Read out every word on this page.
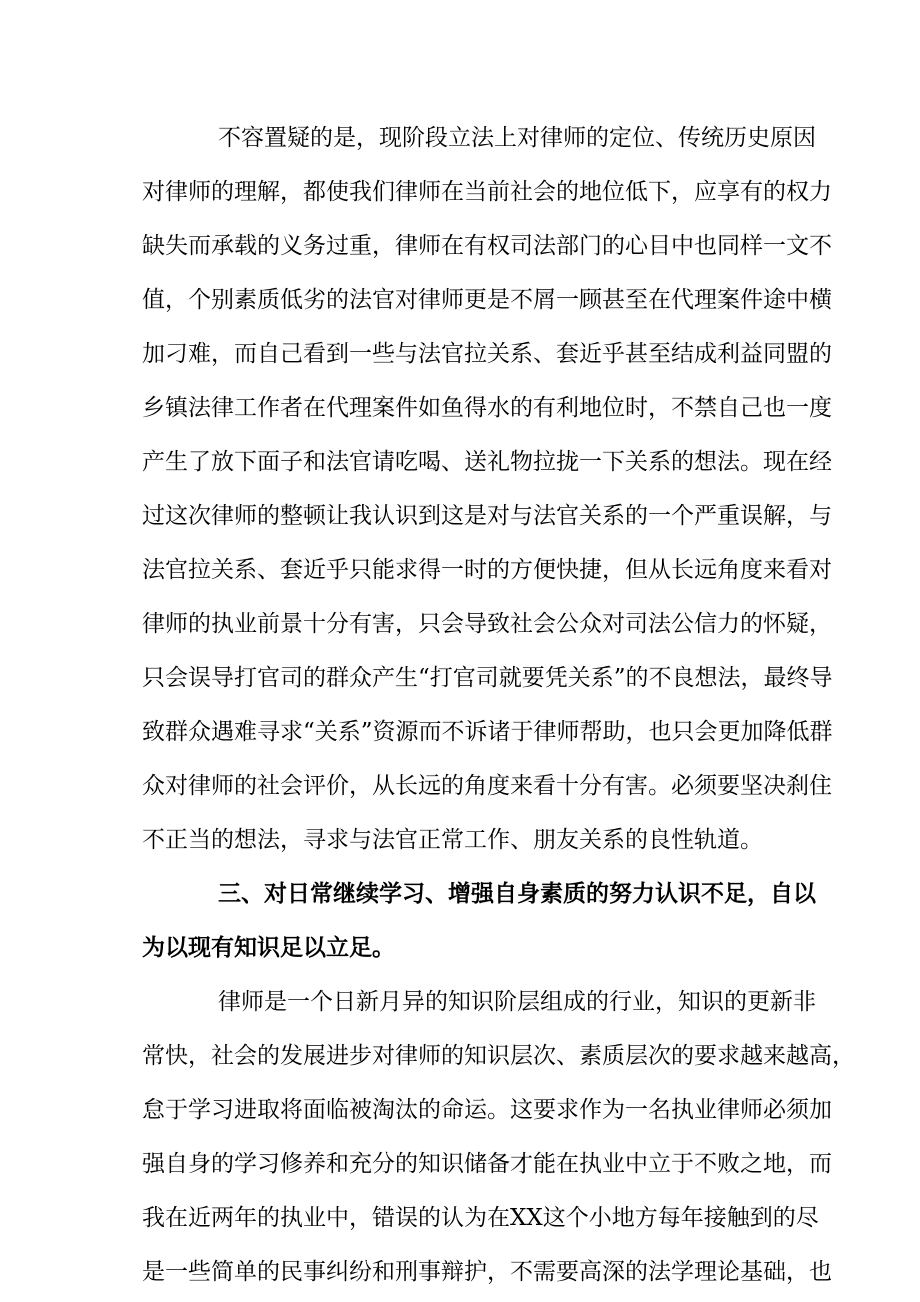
不容置疑的是，现阶段立法上对律师的定位、传统历史原因
对律师的理解，都使我们律师在当前社会的地位低下，应享有的权力
缺失而承载的义务过重，律师在有权司法部门的心目中也同样一文不
值，个别素质低劣的法官对律师更是不屑一顾甚至在代理案件途中横
加刁难，而自己看到一些与法官拉关系、套近乎甚至结成利益同盟的
乡镇法律工作者在代理案件如鱼得水的有利地位时，不禁自己也一度
产生了放下面子和法官请吃喝、送礼物拉拢一下关系的想法。现在经
过这次律师的整顿让我认识到这是对与法官关系的一个严重误解，与
法官拉关系、套近乎只能求得一时的方便快捷，但从长远角度来看对
律师的执业前景十分有害，只会导致社会公众对司法公信力的怀疑，
只会误导打官司的群众产生“打官司就要凭关系”的不良想法，最终导
致群众遇难寻求“关系”资源而不诉诸于律师帮助，也只会更加降低群
众对律师的社会评价，从长远的角度来看十分有害。必须要坚决刹住
不正当的想法，寻求与法官正常工作、朋友关系的良性轨道。
三、对日常继续学习、增强自身素质的努力认识不足，自以
为以现有知识足以立足。
律师是一个日新月异的知识阶层组成的行业，知识的更新非
常快，社会的发展进步对律师的知识层次、素质层次的要求越来越高，
怠于学习进取将面临被淘汰的命运。这要求作为一名执业律师必须加
强自身的学习修养和充分的知识储备才能在执业中立于不败之地，而
我在近两年的执业中，错误的认为在XX这个小地方每年接触到的尽
是一些简单的民事纠纷和刑事辩护，不需要高深的法学理论基础，也
